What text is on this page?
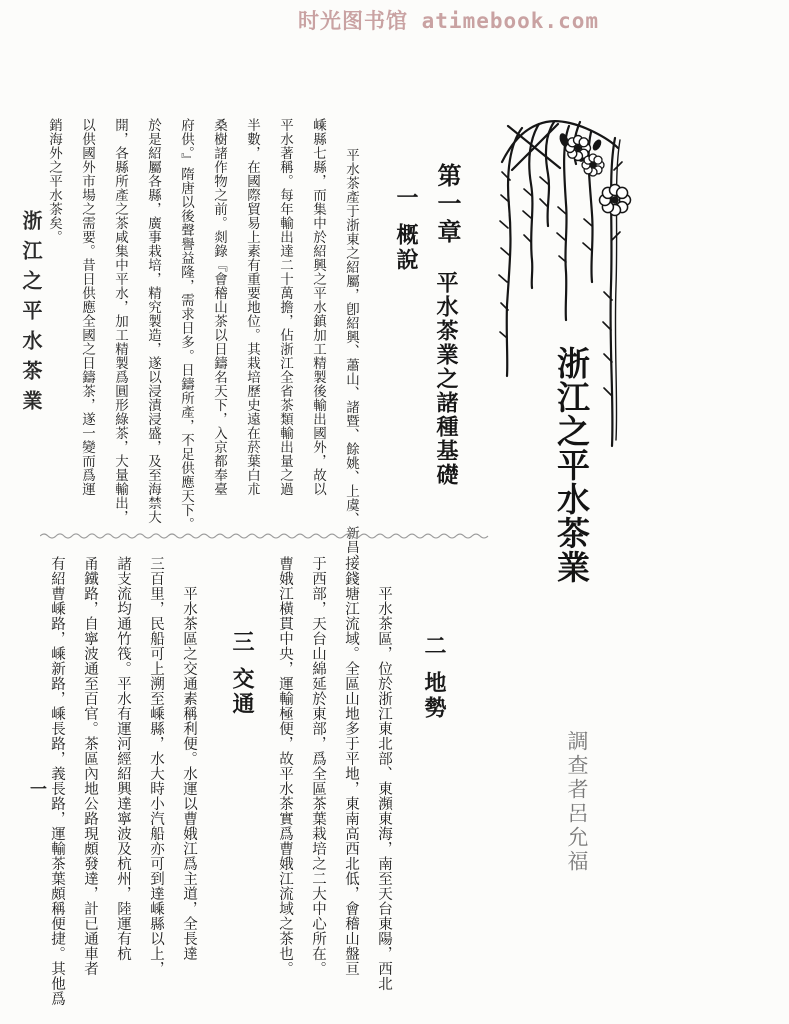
时光图书馆 atimebook.com
浙江之平水茶業
調查者呂允福
第一章平水茶業之諸種基礎
一概說
平水茶產于浙東之紹屬，卽紹興、蕭山、諸暨、餘姚、上虞、新昌、
嵊縣七縣，而集中於紹興之平水鎮加工精製後輸出國外，故以
平水著稱。每年輸出達二十萬擔，佔浙江全省茶類輸出量之過
半數，在國際貿易上素有重要地位。其栽培歷史遠在菸葉白朮
桑樹諸作物之前。剡錄『會稽山茶以日鑄名天下，入京都奉臺
府供。』隋唐以後聲譽益隆，需求日多。日鑄所產，不足供應天下。
於是紹屬各縣，廣事栽培，精究製造，遂以浸漬浸盛，及至海禁大
開，各縣所產之茶咸集中平水，加工精製爲圓形綠茶，大量輸出，
以供國外市場之需要。昔日供應全國之日鑄茶，遂一變而爲運
銷海外之平水茶矣。
二地勢
平水茶區，位於浙江東北部、東瀕東海，南至天台東陽，西北
接錢塘江流域。全區山地多于平地，東南高西北低，會稽山盤亘
于西部，天台山綿延於東部，爲全區茶葉栽培之二大中心所在。
曹娥江橫貫中央，運輸極便，故平水茶實爲曹娥江流域之茶也。
三交通
平水茶區之交通素稱利便。水運以曹娥江爲主道，全長達
三百里，民船可上溯至嵊縣，水大時小汽船亦可到達嵊縣以上，
諸支流均通竹筏。平水有運河經紹興達寧波及杭州，陸運有杭
甬鐵路，自寧波通至百官。茶區內地公路現頗發達，計已通車者
有紹曹嵊路，嵊新路，嵊長路，義長路，運輸茶葉頗稱便捷。其他爲
浙江之平水茶業
一
